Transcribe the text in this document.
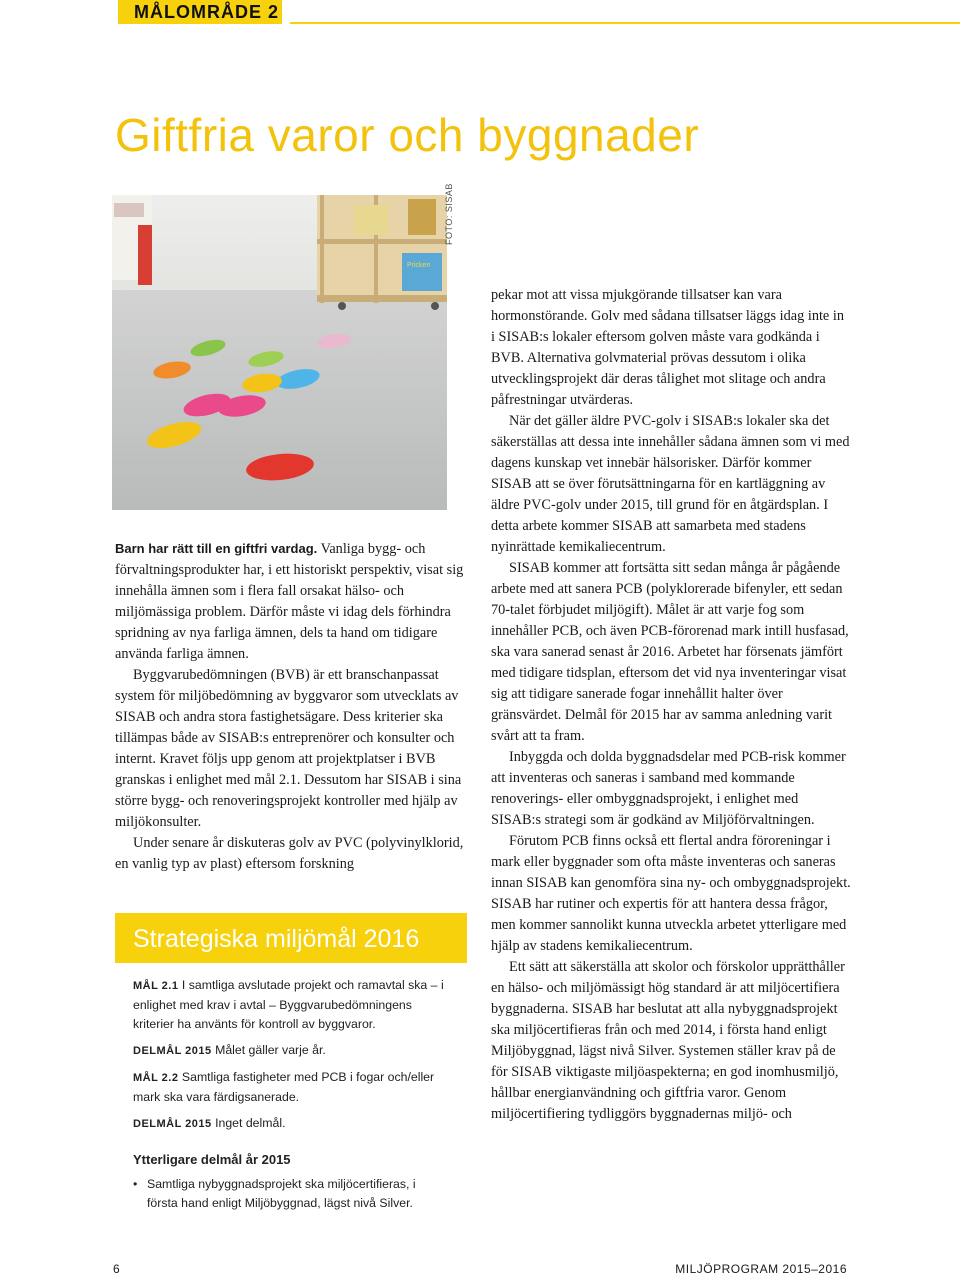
MÅLOMRÅDE 2
Giftfria varor och byggnader
Pricken
FOTO: SISAB

Barn har rätt till en giftfri vardag. Vanliga bygg- och förvaltningsprodukter har, i ett historiskt perspektiv, visat sig innehålla ämnen som i flera fall orsakat hälso- och miljömässiga problem. Därför måste vi idag dels förhindra spridning av nya farliga ämnen, dels ta hand om tidigare använda farliga ämnen.

Byggvarubedömningen (BVB) är ett branschanpassat system för miljöbedömning av byggvaror som utvecklats av SISAB och andra stora fastighetsägare. Dess kriterier ska tillämpas både av SISAB:s entreprenörer och konsulter och internt. Kravet följs upp genom att projektplatser i BVB granskas i enlighet med mål 2.1. Dessutom har SISAB i sina större bygg- och renoveringsprojekt kontroller med hjälp av miljökonsulter.

Under senare år diskuteras golv av PVC (polyvinylklorid, en vanlig typ av plast) eftersom forskning

Strategiska miljömål 2016

MÅL 2.1 I samtliga avslutade projekt och ramavtal ska – i enlighet med krav i avtal – Byggvarubedömningens kriterier ha använts för kontroll av byggvaror.

DELMÅL 2015 Målet gäller varje år.

MÅL 2.2 Samtliga fastigheter med PCB i fogar och/eller mark ska vara färdigsanerade.

DELMÅL 2015 Inget delmål.

Ytterligare delmål år 2015
• Samtliga nybyggnadsprojekt ska miljöcertifieras, i första hand enligt Miljöbyggnad, lägst nivå Silver.

pekar mot att vissa mjukgörande tillsatser kan vara hormonstörande. Golv med sådana tillsatser läggs idag inte in i SISAB:s lokaler eftersom golven måste vara godkända i BVB. Alternativa golvmaterial prövas dessutom i olika utvecklingsprojekt där deras tålighet mot slitage och andra påfrestningar utvärderas.

När det gäller äldre PVC-golv i SISAB:s lokaler ska det säkerställas att dessa inte innehåller sådana ämnen som vi med dagens kunskap vet innebär hälsorisker. Därför kommer SISAB att se över förutsättningarna för en kartläggning av äldre PVC-golv under 2015, till grund för en åtgärdsplan. I detta arbete kommer SISAB att samarbeta med stadens nyinrättade kemikaliecentrum.

SISAB kommer att fortsätta sitt sedan många år pågående arbete med att sanera PCB (polyklorerade bifenyler, ett sedan 70-talet förbjudet miljögift). Målet är att varje fog som innehåller PCB, och även PCB-förorenad mark intill husfasad, ska vara sanerad senast år 2016. Arbetet har försenats jämfört med tidigare tidsplan, eftersom det vid nya inventeringar visat sig att tidigare sanerade fogar innehållit halter över gränsvärdet. Delmål för 2015 har av samma anledning varit svårt att ta fram.

Inbyggda och dolda byggnadsdelar med PCB-risk kommer att inventeras och saneras i samband med kommande renoverings- eller ombyggnadsprojekt, i enlighet med SISAB:s strategi som är godkänd av Miljöförvaltningen.

Förutom PCB finns också ett flertal andra föroreningar i mark eller byggnader som ofta måste inventeras och saneras innan SISAB kan genomföra sina ny- och ombyggnadsprojekt. SISAB har rutiner och expertis för att hantera dessa frågor, men kommer sannolikt kunna utveckla arbetet ytterligare med hjälp av stadens kemikaliecentrum.

Ett sätt att säkerställa att skolor och förskolor upprätthåller en hälso- och miljömässigt hög standard är att miljöcertifiera byggnaderna. SISAB har beslutat att alla nybyggnadsprojekt ska miljöcertifieras från och med 2014, i första hand enligt Miljöbyggnad, lägst nivå Silver. Systemen ställer krav på de för SISAB viktigaste miljöaspekterna; en god inomhusmiljö, hållbar energianvändning och giftfria varor. Genom miljöcertifiering tydliggörs byggnadernas miljö- och

6	MILJÖPROGRAM 2015–2016
